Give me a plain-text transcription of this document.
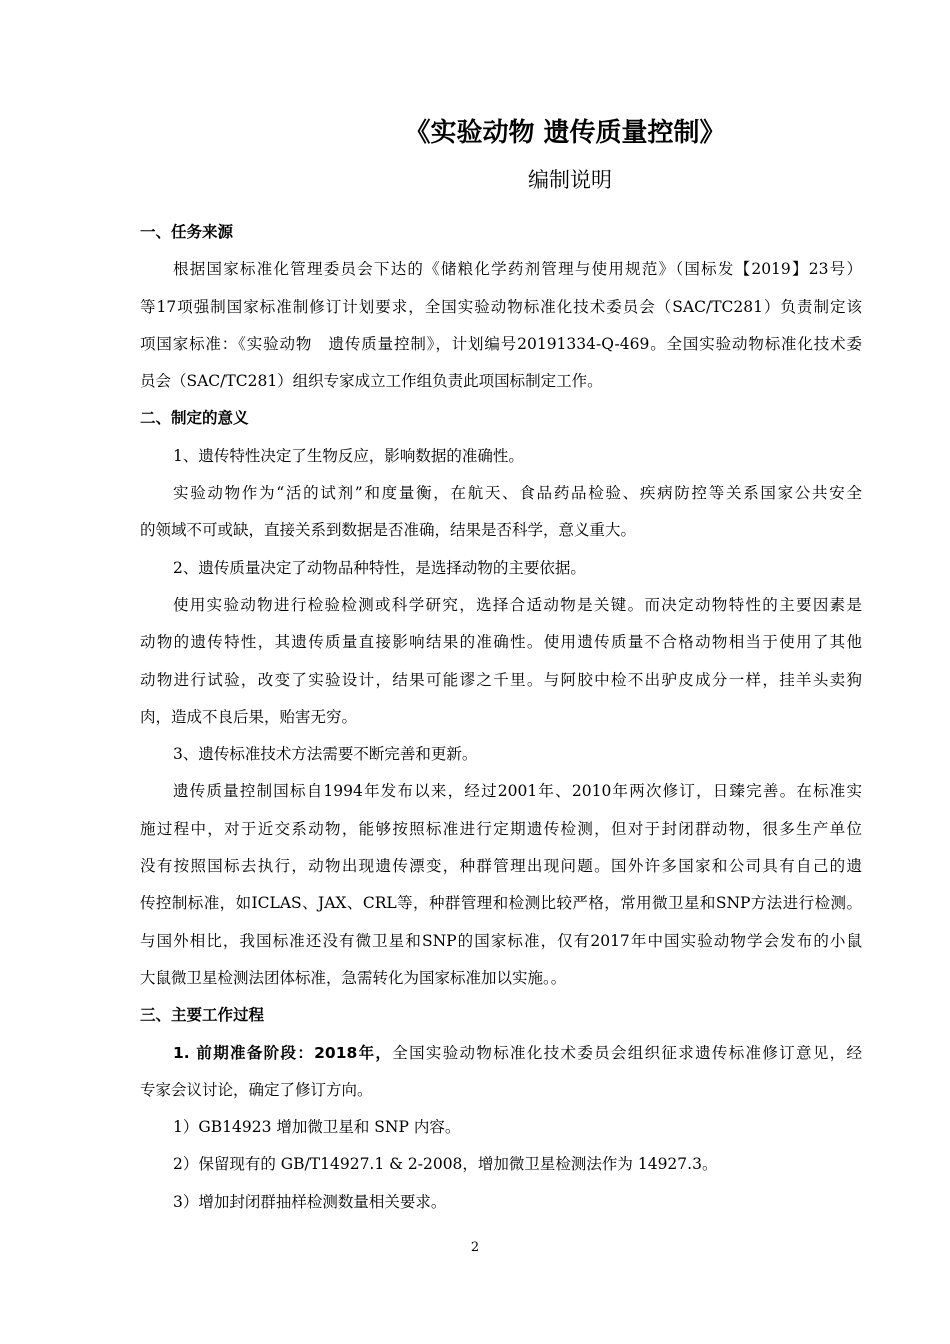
《实验动物 遗传质量控制》
编制说明
一、任务来源
根据国家标准化管理委员会下达的《储粮化学药剂管理与使用规范》（国标发【2019】23号）
等17项强制国家标准制修订计划要求，全国实验动物标准化技术委员会（SAC/TC281）负责制定该
项国家标准：《实验动物　遗传质量控制》，计划编号20191334-Q-469。全国实验动物标准化技术委
员会（SAC/TC281）组织专家成立工作组负责此项国标制定工作。
二、制定的意义
1、遗传特性决定了生物反应，影响数据的准确性。
实验动物作为“活的试剂”和度量衡，在航天、食品药品检验、疾病防控等关系国家公共安全
的领域不可或缺，直接关系到数据是否准确，结果是否科学，意义重大。
2、遗传质量决定了动物品种特性，是选择动物的主要依据。
使用实验动物进行检验检测或科学研究，选择合适动物是关键。而决定动物特性的主要因素是
动物的遗传特性，其遗传质量直接影响结果的准确性。使用遗传质量不合格动物相当于使用了其他
动物进行试验，改变了实验设计，结果可能谬之千里。与阿胶中检不出驴皮成分一样，挂羊头卖狗
肉，造成不良后果，贻害无穷。
3、遗传标准技术方法需要不断完善和更新。
遗传质量控制国标自1994年发布以来，经过2001年、2010年两次修订，日臻完善。在标准实
施过程中，对于近交系动物，能够按照标准进行定期遗传检测，但对于封闭群动物，很多生产单位
没有按照国标去执行，动物出现遗传漂变，种群管理出现问题。国外许多国家和公司具有自己的遗
传控制标准，如ICLAS、JAX、CRL等，种群管理和检测比较严格，常用微卫星和SNP方法进行检测。
与国外相比，我国标准还没有微卫星和SNP的国家标准，仅有2017年中国实验动物学会发布的小鼠
大鼠微卫星检测法团体标准，急需转化为国家标准加以实施。。
三、主要工作过程
1. 前期准备阶段：2018年，全国实验动物标准化技术委员会组织征求遗传标准修订意见，经
专家会议讨论，确定了修订方向。
1）GB14923 增加微卫星和 SNP 内容。
2）保留现有的 GB/T14927.1 & 2-2008，增加微卫星检测法作为 14927.3。
3）增加封闭群抽样检测数量相关要求。
2
